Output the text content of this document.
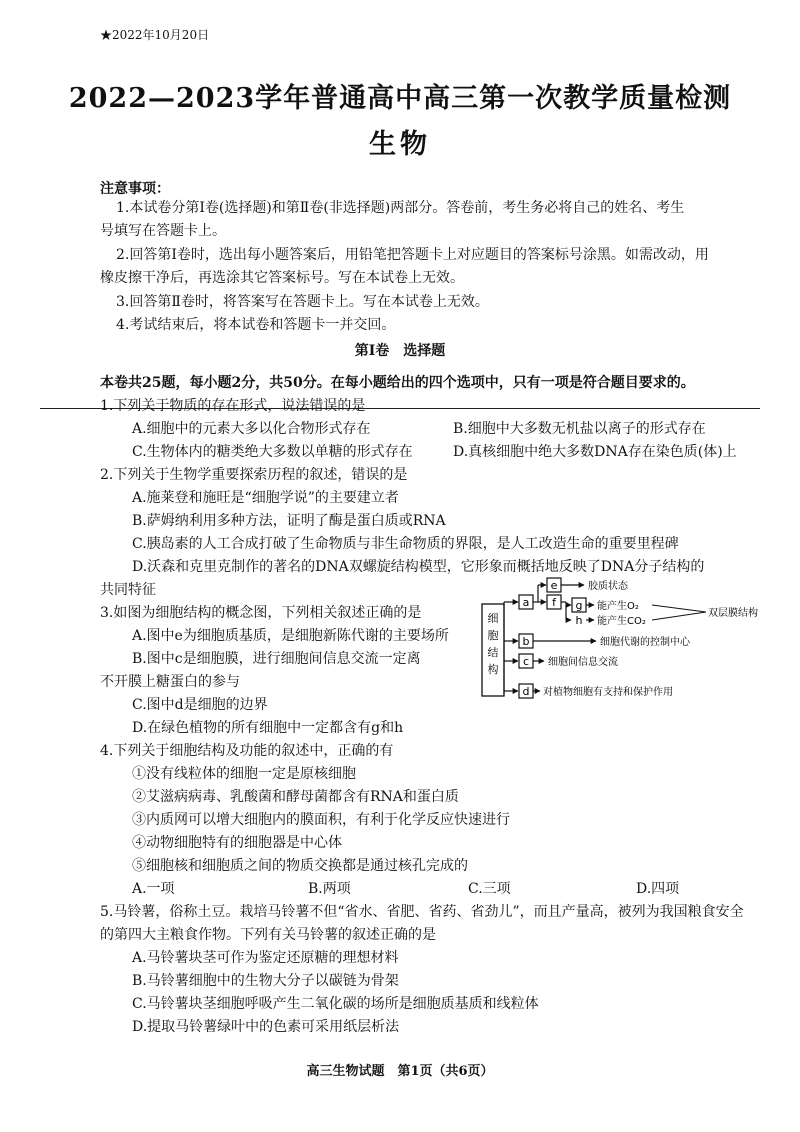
★2022年10月20日
2022—2023学年普通高中高三第一次教学质量检测
生物
注意事项：
1.本试卷分第Ⅰ卷(选择题)和第Ⅱ卷(非选择题)两部分。答卷前，考生务必将自己的姓名、考生
号填写在答题卡上。
2.回答第Ⅰ卷时，选出每小题答案后，用铅笔把答题卡上对应题目的答案标号涂黑。如需改动，用
橡皮擦干净后，再选涂其它答案标号。写在本试卷上无效。
3.回答第Ⅱ卷时，将答案写在答题卡上。写在本试卷上无效。
4.考试结束后，将本试卷和答题卡一并交回。
第Ⅰ卷　选择题
本卷共25题，每小题2分，共50分。在每小题给出的四个选项中，只有一项是符合题目要求的。
1.下列关于物质的存在形式，说法错误的是
A.细胞中的元素大多以化合物形式存在	B.细胞中大多数无机盐以离子的形式存在
C.生物体内的糖类绝大多数以单糖的形式存在	D.真核细胞中绝大多数DNA存在染色质(体)上
2.下列关于生物学重要探索历程的叙述，错误的是
A.施莱登和施旺是“细胞学说”的主要建立者
B.萨姆纳利用多种方法，证明了酶是蛋白质或RNA
C.胰岛素的人工合成打破了生命物质与非生命物质的界限，是人工改造生命的重要里程碑
D.沃森和克里克制作的著名的DNA双螺旋结构模型，它形象而概括地反映了DNA分子结构的
共同特征
3.如图为细胞结构的概念图，下列相关叙述正确的是
A.图中e为细胞质基质，是细胞新陈代谢的主要场所
B.图中c是细胞膜，进行细胞间信息交流一定离
不开膜上糖蛋白的参与
C.图中d是细胞的边界
D.在绿色植物的所有细胞中一定都含有g和h
细
胞
结
构
a
e	胶质状态
f g 能产生O₂
h 能产生CO₂
双层膜结构
b	细胞代谢的控制中心
c 细胞间信息交流
d 对植物细胞有支持和保护作用
4.下列关于细胞结构及功能的叙述中，正确的有
①没有线粒体的细胞一定是原核细胞
②艾滋病病毒、乳酸菌和酵母菌都含有RNA和蛋白质
③内质网可以增大细胞内的膜面积，有利于化学反应快速进行
④动物细胞特有的细胞器是中心体
⑤细胞核和细胞质之间的物质交换都是通过核孔完成的
A.一项	B.两项	C.三项	D.四项
5.马铃薯，俗称土豆。栽培马铃薯不但“省水、省肥、省药、省劲儿”，而且产量高，被列为我国粮食安全
的第四大主粮食作物。下列有关马铃薯的叙述正确的是
A.马铃薯块茎可作为鉴定还原糖的理想材料
B.马铃薯细胞中的生物大分子以碳链为骨架
C.马铃薯块茎细胞呼吸产生二氧化碳的场所是细胞质基质和线粒体
D.提取马铃薯绿叶中的色素可采用纸层析法
高三生物试题　第1页（共6页）
